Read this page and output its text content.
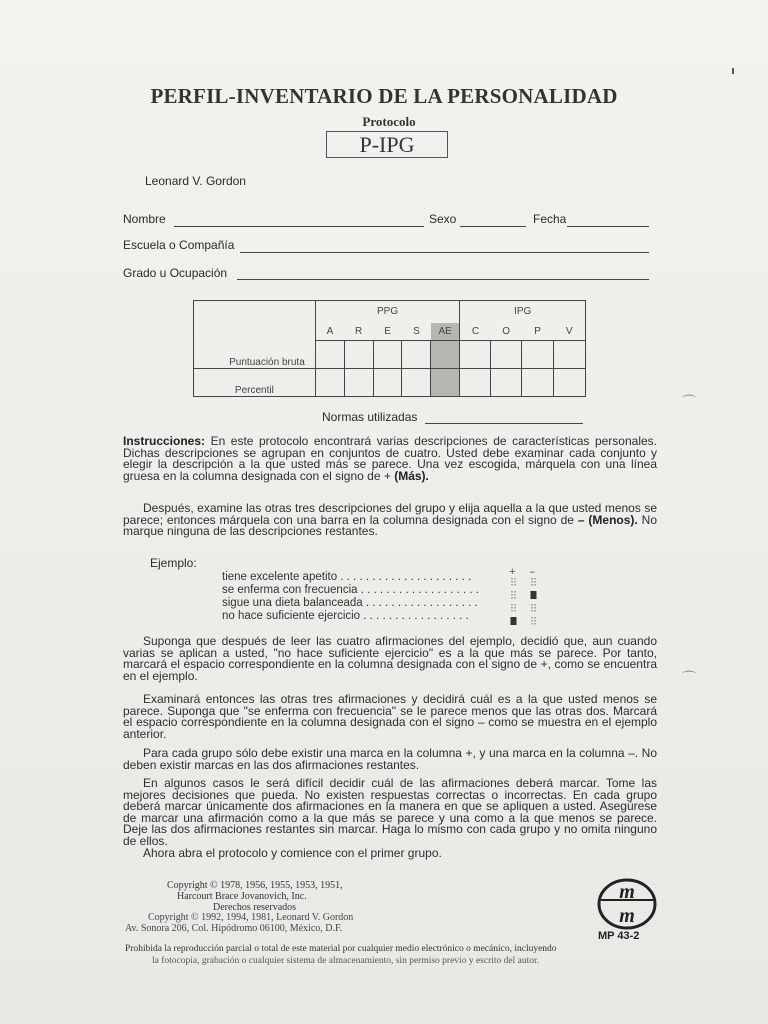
PERFIL-INVENTARIO DE LA PERSONALIDAD
Protocolo
P-IPG
Leonard V. Gordon
Nombre	Sexo	Fecha
Escuela o Compañía
Grado u Ocupación
	PPG					IPG			
	A	R	E	S	AE	C	O	P	V
Puntuación bruta									
Percentil									
Normas utilizadas
Instrucciones: En este protocolo encontrará varias descripciones de características personales. Dichas descripciones se agrupan en conjuntos de cuatro. Usted debe examinar cada conjunto y elegir la descripción a la que usted más se parece. Una vez escogida, márquela con una línea gruesa en la columna designada con el signo de + (Más).
Después, examine las otras tres descripciones del grupo y elija aquella a la que usted menos se parece; entonces márquela con una barra en la columna designada con el signo de – (Menos). No marque ninguna de las descripciones restantes.
Ejemplo:
+ –
tiene excelente apetito . . . . . . . . . . . . . . . . . . . . .
se enferma con frecuencia . . . . . . . . . . . . . . . . . . .
sigue una dieta balanceada . . . . . . . . . . . . . . . . . .
no hace suficiente ejercicio . . . . . . . . . . . . . . . . .
Suponga que después de leer las cuatro afirmaciones del ejemplo, decidió que, aun cuando varias se aplican a usted, "no hace suficiente ejercicio" es a la que más se parece. Por tanto, marcará el espacio correspondiente en la columna designada con el signo de +, como se encuentra en el ejemplo.
Examinará entonces las otras tres afirmaciones y decidirá cuál es a la que usted menos se parece. Suponga que "se enferma con frecuencia" se le parece menos que las otras dos. Marcará el espacio correspondiente en la columna designada con el signo – como se muestra en el ejemplo anterior.
Para cada grupo sólo debe existir una marca en la columna +, y una marca en la columna –. No deben existir marcas en las dos afirmaciones restantes.
En algunos casos le será difícil decidir cuál de las afirmaciones deberá marcar. Tome las mejores decisiones que pueda. No existen respuestas correctas o incorrectas. En cada grupo deberá marcar únicamente dos afirmaciones en la manera en que se apliquen a usted. Asegúrese de marcar una afirmación como a la que más se parece y una como a la que menos se parece. Deje las dos afirmaciones restantes sin marcar. Haga lo mismo con cada grupo y no omita ninguno de ellos.
Ahora abra el protocolo y comience con el primer grupo.
Copyright © 1978, 1956, 1955, 1953, 1951,
Harcourt Brace Jovanovich, Inc.
Derechos reservados
Copyright © 1992, 1994, 1981, Leonard V. Gordon
Av. Sonora 206, Col. Hipódromo 06100, México, D.F.
Prohibida la reproducción parcial o total de este material por cualquier medio electrónico o mecánico, incluyendo
la fotocopia, grabación o cualquier sistema de almacenamiento, sin permiso previo y escrito del autor.
m
m
MP 43-2
⌒
⌒
